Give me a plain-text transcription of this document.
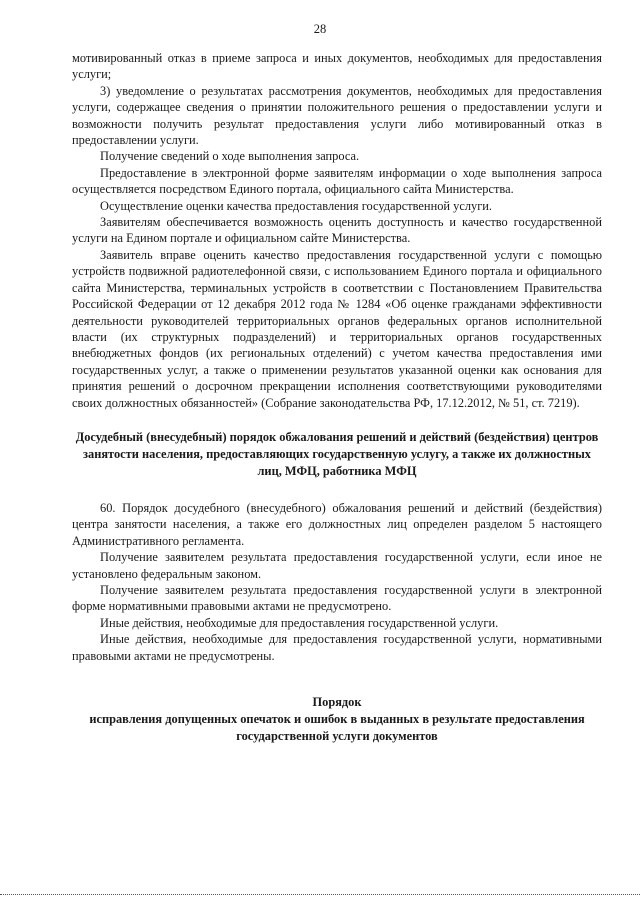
28

мотивированный отказ в приеме запроса и иных документов, необходимых для предоставления услуги;

3) уведомление о результатах рассмотрения документов, необходимых для предоставления услуги, содержащее сведения о принятии положительного решения о предоставлении услуги и возможности получить результат предоставления услуги либо мотивированный отказ в предоставлении услуги.

Получение сведений о ходе выполнения запроса.

Предоставление в электронной форме заявителям информации о ходе выполнения запроса осуществляется посредством Единого портала, официального сайта Министерства.

Осуществление оценки качества предоставления государственной услуги.

Заявителям обеспечивается возможность оценить доступность и качество государственной услуги на Едином портале и официальном сайте Министерства.

Заявитель вправе оценить качество предоставления государственной услуги с помощью устройств подвижной радиотелефонной связи, с использованием Единого портала и официального сайта Министерства, терминальных устройств в соответствии с Постановлением Правительства Российской Федерации от 12 декабря 2012 года № 1284 «Об оценке гражданами эффективности деятельности руководителей территориальных органов федеральных органов исполнительной власти (их структурных подразделений) и территориальных органов государственных внебюджетных фондов (их региональных отделений) с учетом качества предоставления ими государственных услуг, а также о применении результатов указанной оценки как основания для принятия решений о досрочном прекращении исполнения соответствующими руководителями своих должностных обязанностей» (Собрание законодательства РФ, 17.12.2012, № 51, ст. 7219).

Досудебный (внесудебный) порядок обжалования решений и действий (бездействия) центров занятости населения, предоставляющих государственную услугу, а также их должностных лиц, МФЦ, работника МФЦ

60. Порядок досудебного (внесудебного) обжалования решений и действий (бездействия) центра занятости населения, а также его должностных лиц определен разделом 5 настоящего Административного регламента.

Получение заявителем результата предоставления государственной услуги, если иное не установлено федеральным законом.

Получение заявителем результата предоставления государственной услуги в электронной форме нормативными правовыми актами не предусмотрено.

Иные действия, необходимые для предоставления государственной услуги.

Иные действия, необходимые для предоставления государственной услуги, нормативными правовыми актами не предусмотрены.

Порядок

исправления допущенных опечаток и ошибок в выданных в результате предоставления государственной услуги документов
